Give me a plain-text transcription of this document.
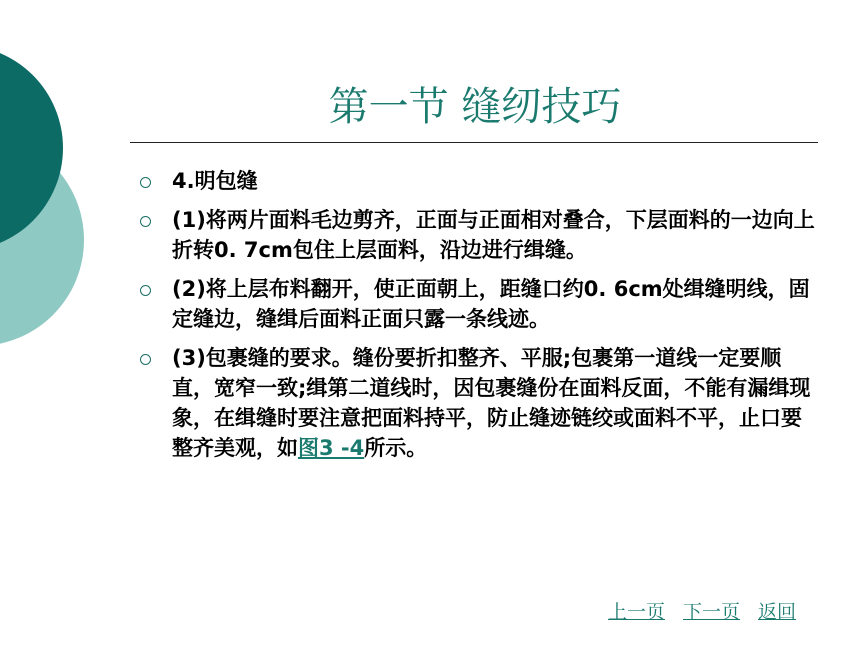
第一节 缝纫技巧
4.明包缝
(1)将两片面料毛边剪齐，正面与正面相对叠合，下层面料的一边向上折转0. 7cm包住上层面料，沿边进行缉缝。
(2)将上层布料翻开，使正面朝上，距缝口约0. 6cm处缉缝明线，固定缝边，缝缉后面料正面只露一条线迹。
(3)包裹缝的要求。缝份要折扣整齐、平服;包裹第一道线一定要顺直，宽窄一致;缉第二道线时，因包裹缝份在面料反面，不能有漏缉现象，在缉缝时要注意把面料持平，防止缝迹链绞或面料不平，止口要整齐美观，如图3 -4所示。
上一页 下一页 返回
